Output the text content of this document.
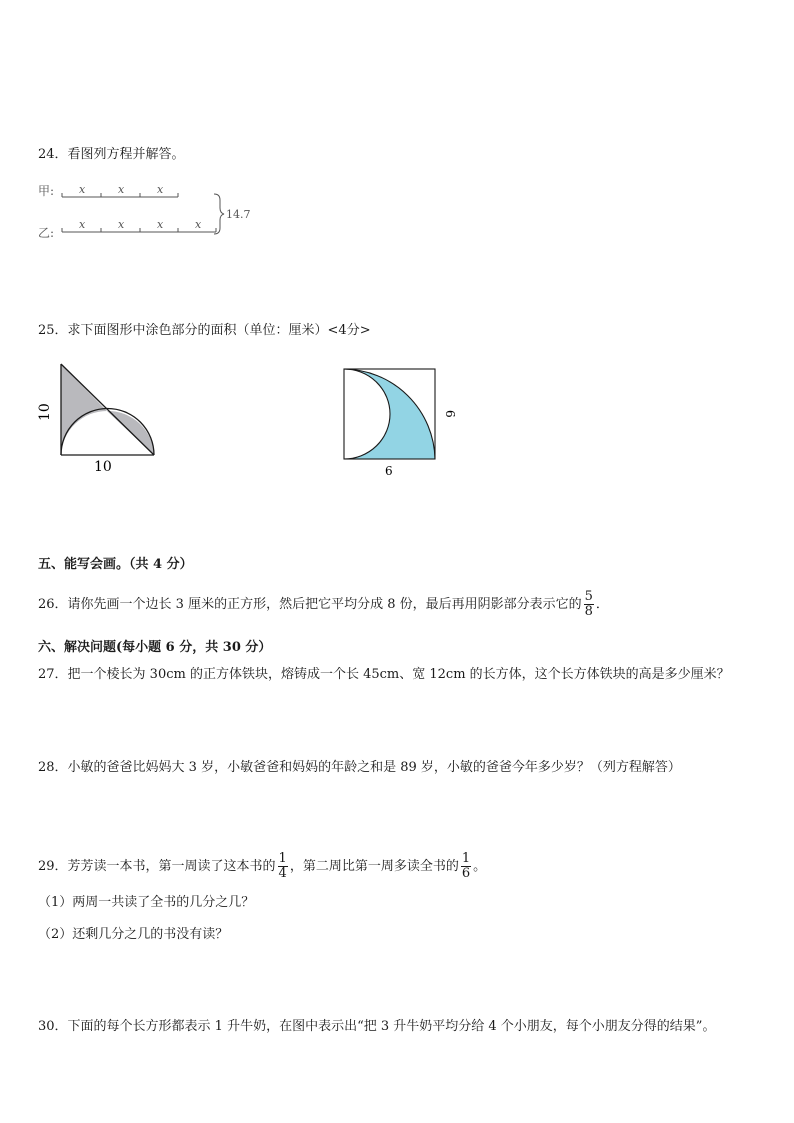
24．看图列方程并解答。
甲:
乙:
x	x	x
x	x	x	x
14.7
25．求下面图形中涂色部分的面积（单位：厘米）<4分>
10
10
6
6
五、能写会画。（共 4 分）
26．请你先画一个边长 3 厘米的正方形，然后把它平均分成 8 份，最后再用阴影部分表示它的 $\frac{5}{8}$ ．
六、解决问题(每小题 6 分，共 30 分）
27．把一个棱长为 30cm 的正方体铁块，熔铸成一个长 45cm、宽 12cm 的长方体，这个长方体铁块的高是多少厘米？
28．小敏的爸爸比妈妈大 3 岁，小敏爸爸和妈妈的年龄之和是 89 岁，小敏的爸爸今年多少岁？（列方程解答）
29．芳芳读一本书，第一周读了这本书的 $\frac{1}{4}$ ，第二周比第一周多读全书的 $\frac{1}{6}$ 。
（1）两周一共读了全书的几分之几？
（2）还剩几分之几的书没有读？
30．下面的每个长方形都表示 1 升牛奶，在图中表示出“把 3 升牛奶平均分给 4 个小朋友，每个小朋友分得的结果”。
